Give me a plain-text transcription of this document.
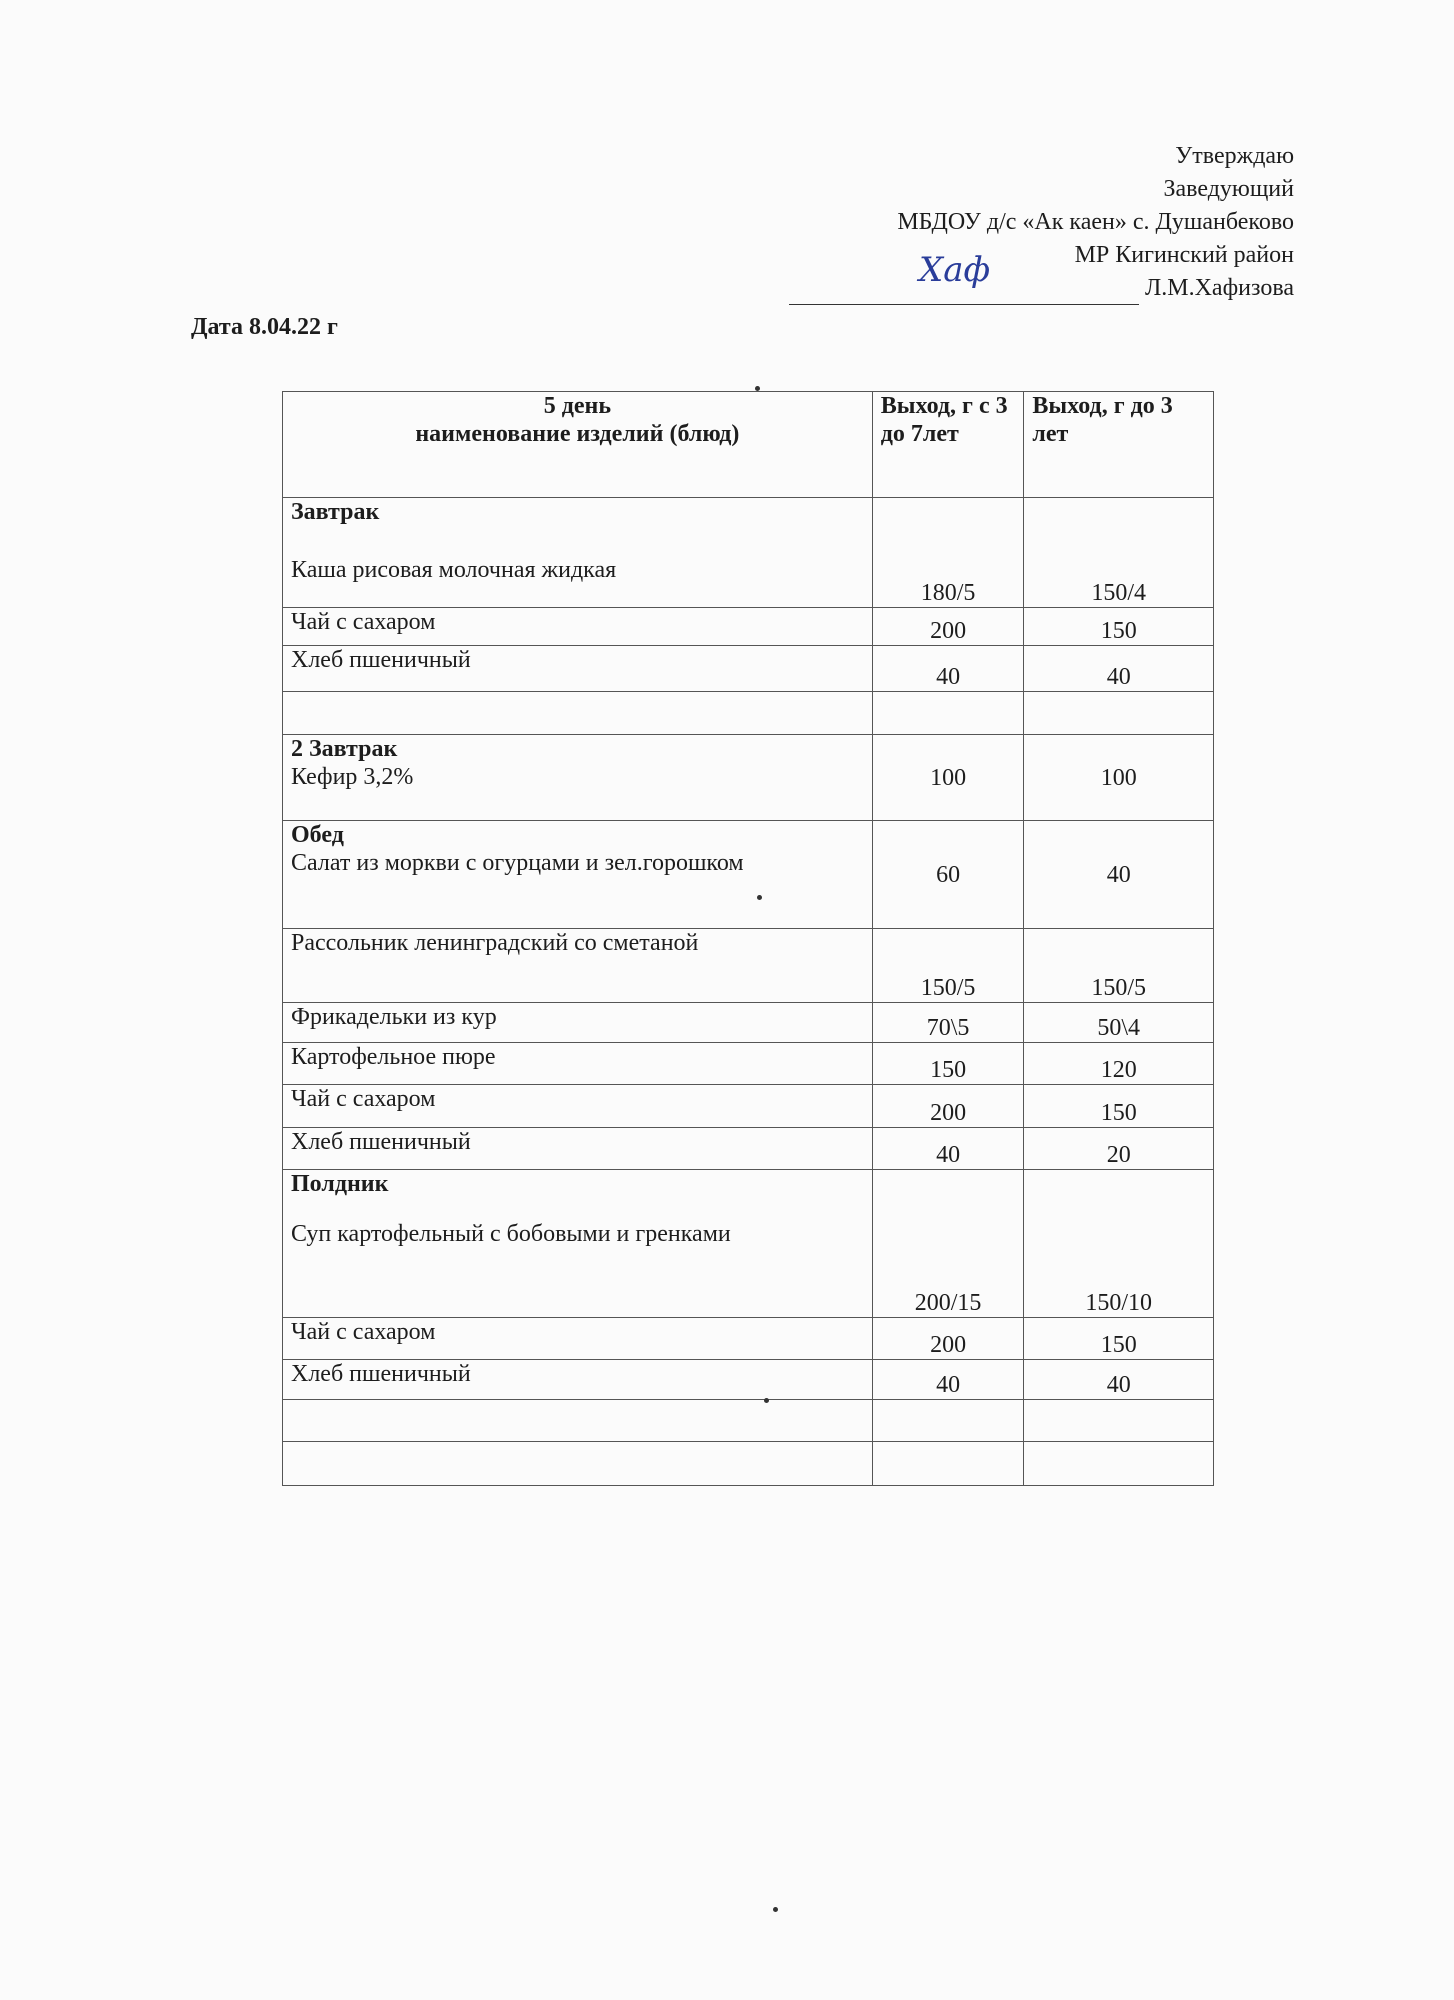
Утверждаю
Заведующий
МБДОУ д/с «Ак каен» с. Душанбеково
МР Кигинский район
Хаф	Л.М.Хафизова
Дата 8.04.22 г
5 день
наименование изделий (блюд)	Выход, г с 3 до 7лет	Выход, г до 3 лет

Завтрак
Каша рисовая молочная жидкая	180/5	150/4

Чай с сахаром	200	150

Хлеб пшеничный	40	40

2 Завтрак
Кефир 3,2%	100	100

Обед
Салат из моркви с огурцами и зел.горошком	60	40

Рассольник ленинградский со сметаной	150/5	150/5

Фрикадельки из кур	70\5	50\4

Картофельное пюре	150	120

Чай с сахаром	200	150

Хлеб пшеничный	40	20

Полдник
Суп картофельный с бобовыми и гренками	200/15	150/10

Чай с сахаром	200	150

Хлеб пшеничный	40	40
